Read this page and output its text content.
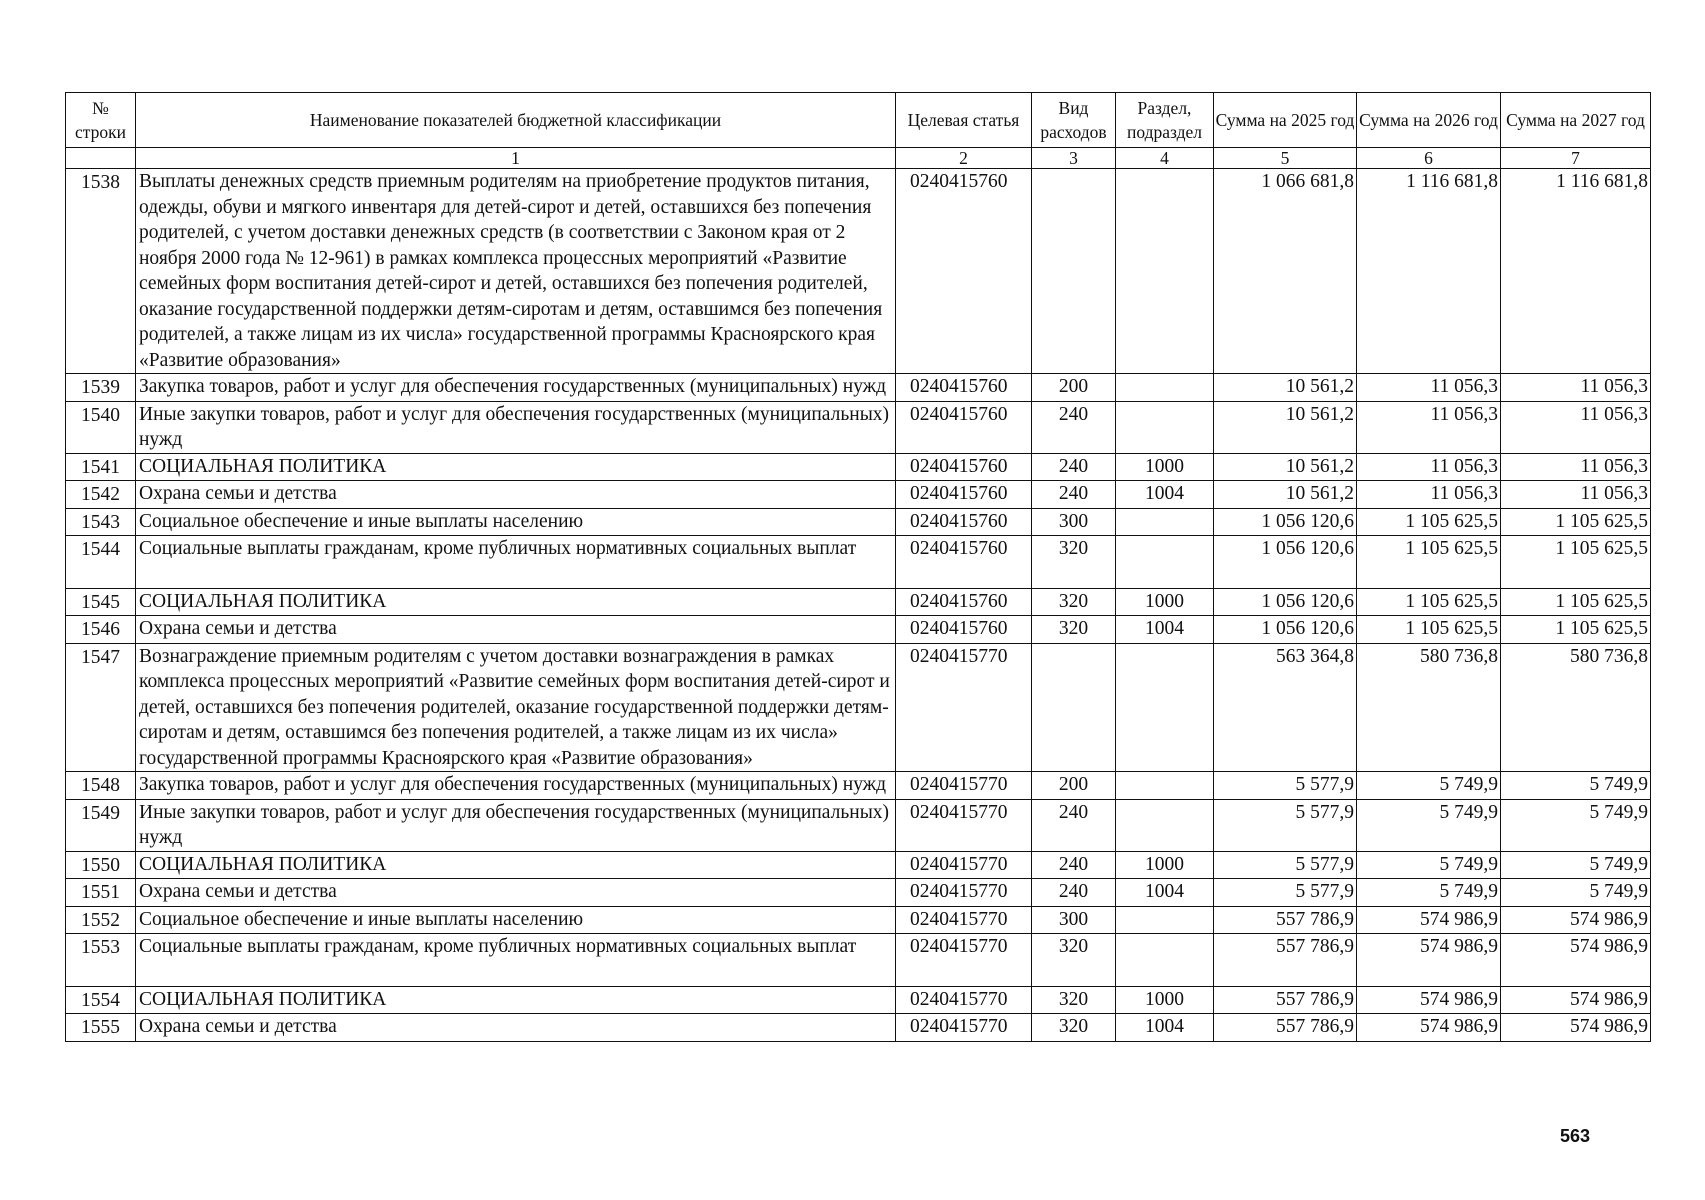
№ строки	Наименование показателей бюджетной классификации	Целевая статья	Вид расходов	Раздел, подраздел	Сумма на 2025 год	Сумма на 2026 год	Сумма на 2027 год
	1	2	3	4	5	6	7
1538	Выплаты денежных средств приемным родителям на приобретение продуктов питания, одежды, обуви и мягкого инвентаря для детей-сирот и детей, оставшихся без попечения родителей, с учетом доставки денежных средств (в соответствии с Законом края от 2 ноября 2000 года № 12-961) в рамках комплекса процессных мероприятий «Развитие семейных форм воспитания детей-сирот и детей, оставшихся без попечения родителей, оказание государственной поддержки детям-сиротам и детям, оставшимся без попечения родителей, а также лицам из их числа» государственной программы Красноярского края «Развитие образования»	0240415760			1 066 681,8	1 116 681,8	1 116 681,8
1539	Закупка товаров, работ и услуг для обеспечения государственных (муниципальных) нужд	0240415760	200		10 561,2	11 056,3	11 056,3
1540	Иные закупки товаров, работ и услуг для обеспечения государственных (муниципальных) нужд	0240415760	240		10 561,2	11 056,3	11 056,3
1541	СОЦИАЛЬНАЯ ПОЛИТИКА	0240415760	240	1000	10 561,2	11 056,3	11 056,3
1542	Охрана семьи и детства	0240415760	240	1004	10 561,2	11 056,3	11 056,3
1543	Социальное обеспечение и иные выплаты населению	0240415760	300		1 056 120,6	1 105 625,5	1 105 625,5
1544	Социальные выплаты гражданам, кроме публичных нормативных социальных выплат	0240415760	320		1 056 120,6	1 105 625,5	1 105 625,5
1545	СОЦИАЛЬНАЯ ПОЛИТИКА	0240415760	320	1000	1 056 120,6	1 105 625,5	1 105 625,5
1546	Охрана семьи и детства	0240415760	320	1004	1 056 120,6	1 105 625,5	1 105 625,5
1547	Вознаграждение приемным родителям с учетом доставки вознаграждения в рамках комплекса процессных мероприятий «Развитие семейных форм воспитания детей-сирот и детей, оставшихся без попечения родителей, оказание государственной поддержки детям-сиротам и детям, оставшимся без попечения родителей, а также лицам из их числа» государственной программы Красноярского края «Развитие образования»	0240415770			563 364,8	580 736,8	580 736,8
1548	Закупка товаров, работ и услуг для обеспечения государственных (муниципальных) нужд	0240415770	200		5 577,9	5 749,9	5 749,9
1549	Иные закупки товаров, работ и услуг для обеспечения государственных (муниципальных) нужд	0240415770	240		5 577,9	5 749,9	5 749,9
1550	СОЦИАЛЬНАЯ ПОЛИТИКА	0240415770	240	1000	5 577,9	5 749,9	5 749,9
1551	Охрана семьи и детства	0240415770	240	1004	5 577,9	5 749,9	5 749,9
1552	Социальное обеспечение и иные выплаты населению	0240415770	300		557 786,9	574 986,9	574 986,9
1553	Социальные выплаты гражданам, кроме публичных нормативных социальных выплат	0240415770	320		557 786,9	574 986,9	574 986,9
1554	СОЦИАЛЬНАЯ ПОЛИТИКА	0240415770	320	1000	557 786,9	574 986,9	574 986,9
1555	Охрана семьи и детства	0240415770	320	1004	557 786,9	574 986,9	574 986,9
563
